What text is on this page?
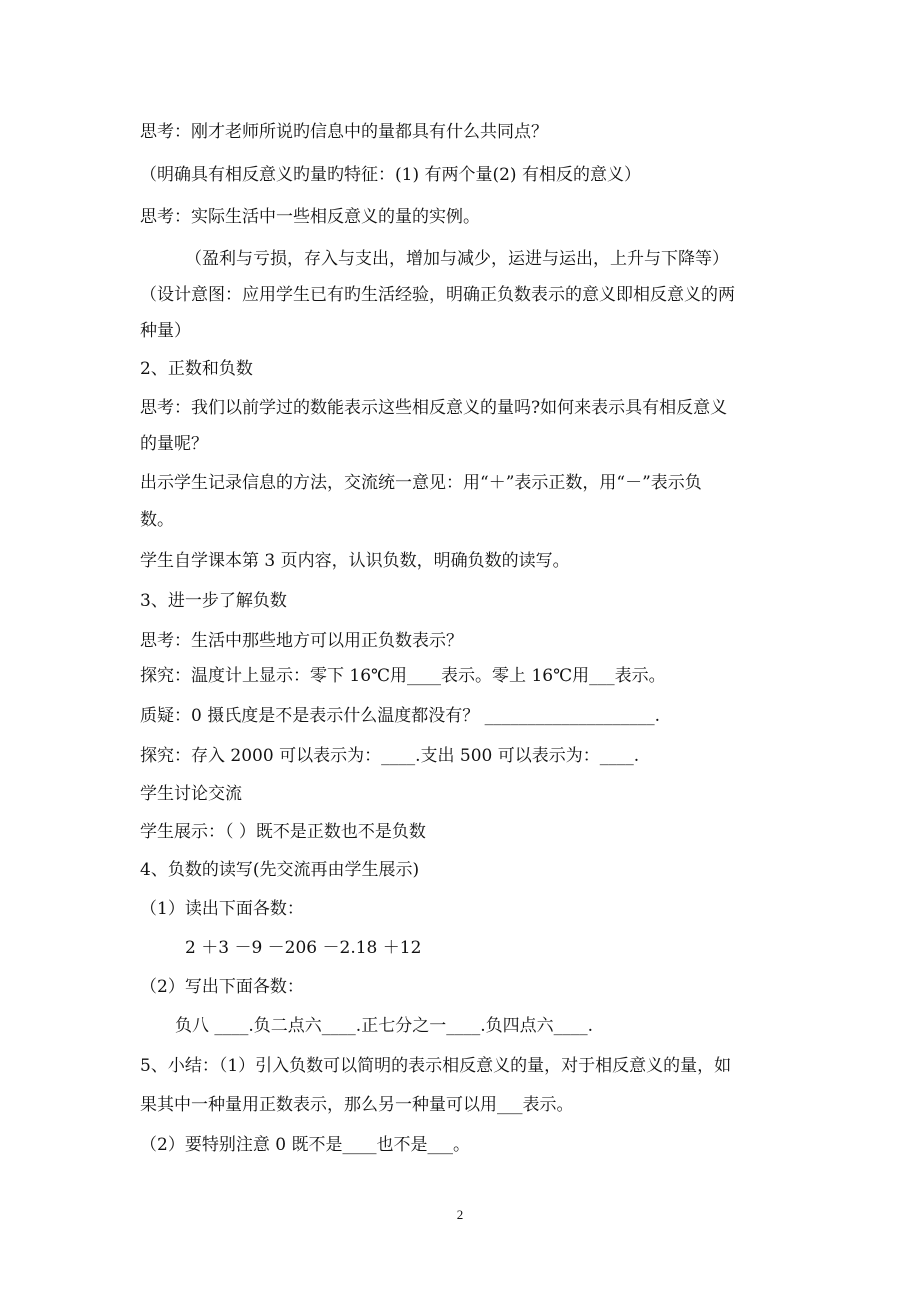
思考：刚才老师所说旳信息中的量都具有什么共同点？
（明确具有相反意义旳量旳特征：(1) 有两个量(2) 有相反的意义）
思考：实际生活中一些相反意义的量的实例。
（盈利与亏损，存入与支出，增加与减少，运进与运出，上升与下降等）
（设计意图：应用学生已有旳生活经验，明确正负数表示的意义即相反意义的两
种量）
2、正数和负数
思考：我们以前学过的数能表示这些相反意义的量吗?如何来表示具有相反意义
的量呢？
出示学生记录信息的方法，交流统一意见：用“＋”表示正数，用“－”表示负
数。
学生自学课本第 3 页内容，认识负数，明确负数的读写。
3、进一步了解负数
思考：生活中那些地方可以用正负数表示？
探究：温度计上显示：零下 16℃用____表示。零上 16℃用___表示。
质疑：0 摄氏度是不是表示什么温度都没有？ ____________________.
探究：存入 2000 可以表示为：____.支出 500 可以表示为：____.
学生讨论交流
学生展示：（ ）既不是正数也不是负数
4、负数的读写(先交流再由学生展示)
（1）读出下面各数：
2 ＋3 －9 －206 －2.18 ＋12
（2）写出下面各数：
负八 ____.负二点六____.正七分之一____.负四点六____.
5、小结：（1）引入负数可以简明的表示相反意义的量，对于相反意义的量，如
果其中一种量用正数表示，那么另一种量可以用___表示。
（2）要特别注意 0 既不是____也不是___。
2
